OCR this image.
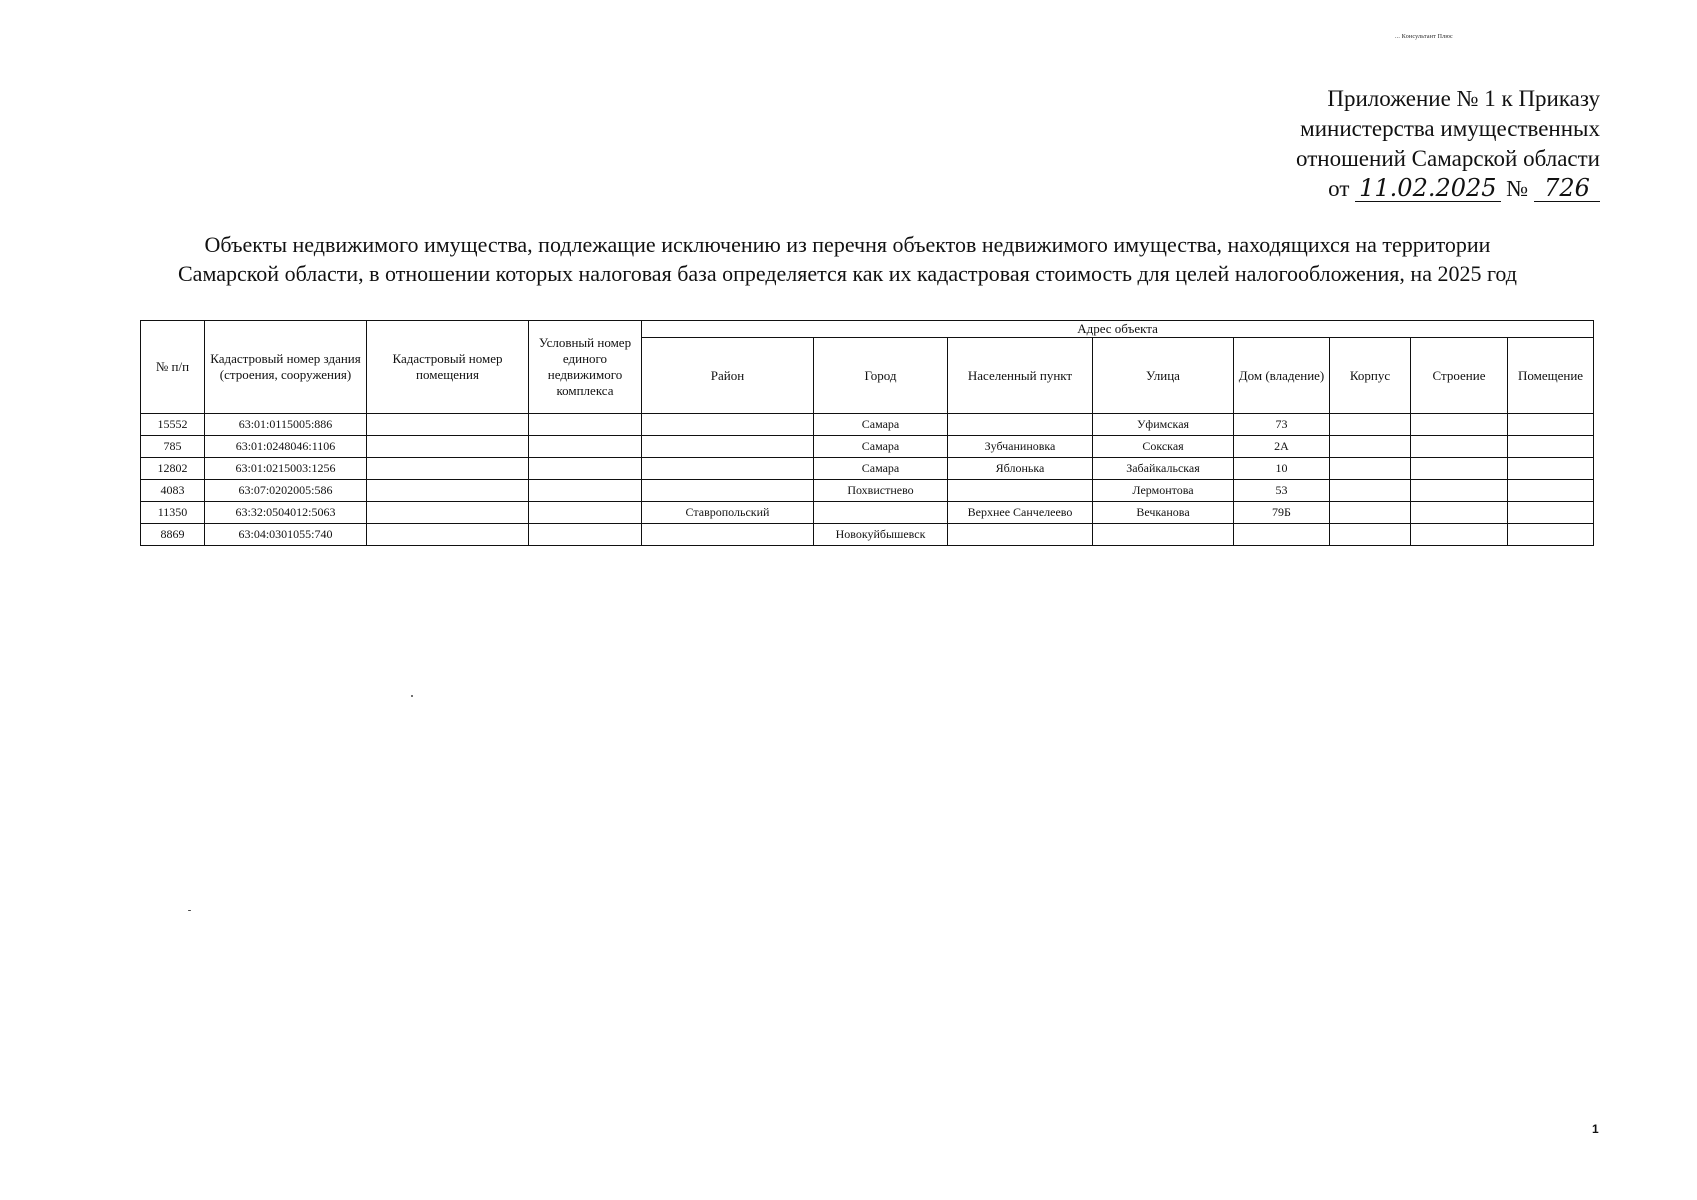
... Консультант Плюс
Приложение № 1 к Приказу
министерства имущественных
отношений Самарской области
от 11.02.2025 № 726
Объекты недвижимого имущества, подлежащие исключению из перечня объектов недвижимого имущества, находящихся на территории Самарской области, в отношении которых налоговая база определяется как их кадастровая стоимость для целей налогообложения, на 2025 год
№ п/п	Кадастровый номер здания (строения, сооружения)	Кадастровый номер помещения	Условный номер единого недвижимого комплекса	Адрес объекта							
				Район	Город	Населенный пункт	Улица	Дом (владение)	Корпус	Строение	Помещение
15552	63:01:0115005:886				Самара		Уфимская	73			
785	63:01:0248046:1106				Самара	Зубчаниновка	Сокская	2А			
12802	63:01:0215003:1256				Самара	Яблонька	Забайкальская	10			
4083	63:07:0202005:586				Похвистнево		Лермонтова	53			
11350	63:32:0504012:5063			Ставропольский		Верхнее Санчелеево	Вечканова	79Б			
8869	63:04:0301055:740				Новокуйбышевск						
1
